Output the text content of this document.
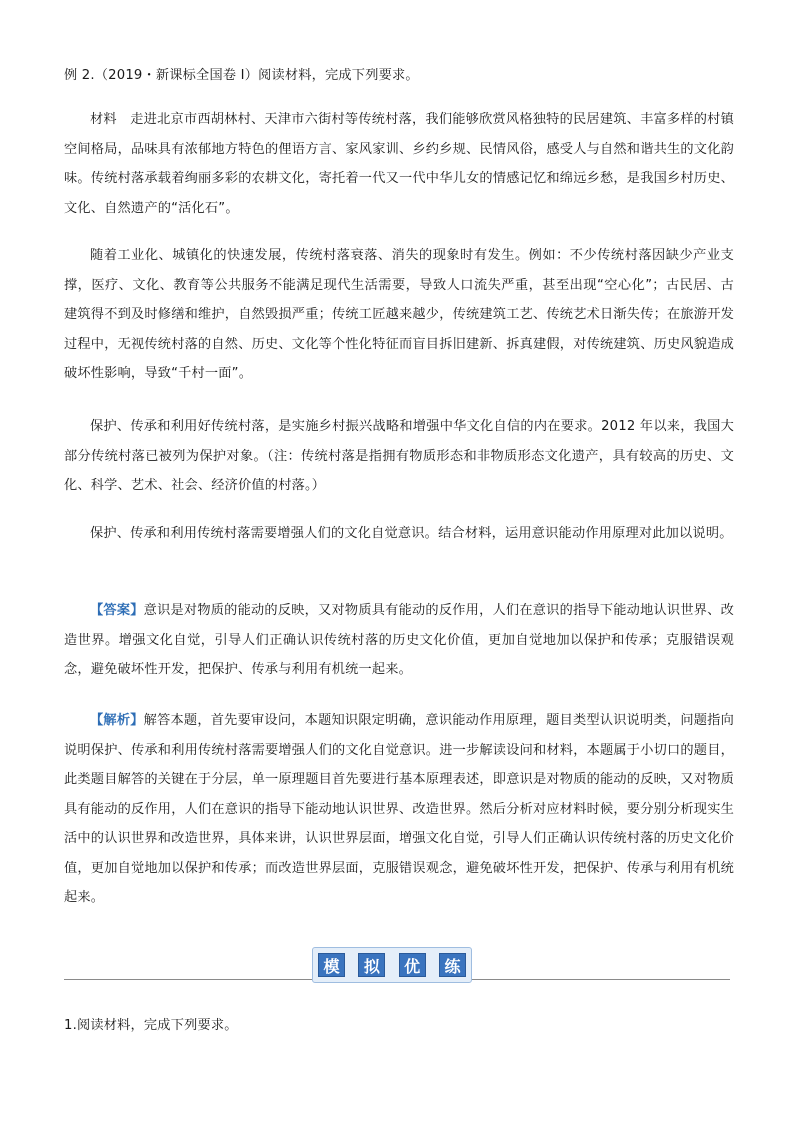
例 2.（2019・新课标全国卷 I）阅读材料，完成下列要求。

材料　走进北京市西胡林村、天津市六街村等传统村落，我们能够欣赏风格独特的民居建筑、丰富多样的村镇空间格局，品味具有浓郁地方特色的俚语方言、家风家训、乡约乡规、民情风俗，感受人与自然和谐共生的文化韵味。传统村落承载着绚丽多彩的农耕文化，寄托着一代又一代中华儿女的情感记忆和绵远乡愁，是我国乡村历史、文化、自然遗产的“活化石”。

随着工业化、城镇化的快速发展，传统村落衰落、消失的现象时有发生。例如：不少传统村落因缺少产业支撑，医疗、文化、教育等公共服务不能满足现代生活需要，导致人口流失严重，甚至出现“空心化”；古民居、古建筑得不到及时修缮和维护，自然毁损严重；传统工匠越来越少，传统建筑工艺、传统艺术日渐失传；在旅游开发过程中，无视传统村落的自然、历史、文化等个性化特征而盲目拆旧建新、拆真建假，对传统建筑、历史风貌造成破坏性影响，导致“千村一面”。

保护、传承和利用好传统村落，是实施乡村振兴战略和增强中华文化自信的内在要求。2012 年以来，我国大部分传统村落已被列为保护对象。（注：传统村落是指拥有物质形态和非物质形态文化遗产，具有较高的历史、文化、科学、艺术、社会、经济价值的村落。）

保护、传承和利用传统村落需要增强人们的文化自觉意识。结合材料，运用意识能动作用原理对此加以说明。

【答案】意识是对物质的能动的反映，又对物质具有能动的反作用，人们在意识的指导下能动地认识世界、改造世界。增强文化自觉，引导人们正确认识传统村落的历史文化价值，更加自觉地加以保护和传承；克服错误观念，避免破坏性开发，把保护、传承与利用有机统一起来。

【解析】解答本题，首先要审设问，本题知识限定明确，意识能动作用原理，题目类型认识说明类，问题指向说明保护、传承和利用传统村落需要增强人们的文化自觉意识。进一步解读设问和材料，本题属于小切口的题目，此类题目解答的关键在于分层，单一原理题目首先要进行基本原理表述，即意识是对物质的能动的反映，又对物质具有能动的反作用，人们在意识的指导下能动地认识世界、改造世界。然后分析对应材料时候，要分别分析现实生活中的认识世界和改造世界，具体来讲，认识世界层面，增强文化自觉，引导人们正确认识传统村落的历史文化价值，更加自觉地加以保护和传承；而改造世界层面，克服错误观念，避免破坏性开发，把保护、传承与利用有机统起来。

模	拟	优	练

1.阅读材料，完成下列要求。
